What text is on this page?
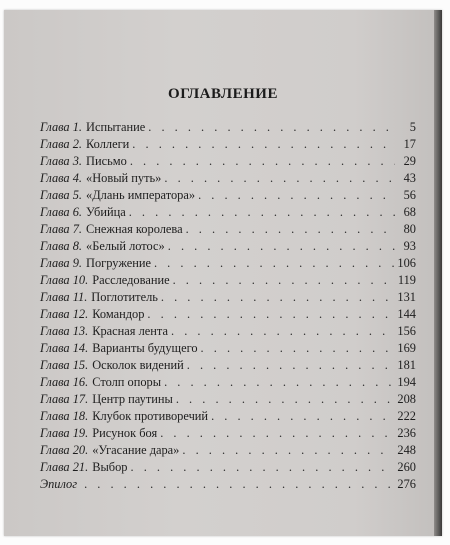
ОГЛАВЛЕНИЕ
Глава 1. Испытание . . .	5
Глава 2. Коллеги . . .	17
Глава 3. Письмо . . .	29
Глава 4. «Новый путь» . . .	43
Глава 5. «Длань императора» . . .	56
Глава 6. Убийца . . .	68
Глава 7. Снежная королева . . .	80
Глава 8. «Белый лотос» . . .	93
Глава 9. Погружение . . .	106
Глава 10. Расследование . . .	119
Глава 11. Поглотитель . . .	131
Глава 12. Командор . . .	144
Глава 13. Красная лента . . .	156
Глава 14. Варианты будущего . . .	169
Глава 15. Осколок видений . . .	181
Глава 16. Столп опоры . . .	194
Глава 17. Центр паутины . . .	208
Глава 18. Клубок противоречий . . .	222
Глава 19. Рисунок боя . . .	236
Глава 20. «Угасание дара» . . .	248
Глава 21. Выбор . . .	260
Эпилог . . .	276
